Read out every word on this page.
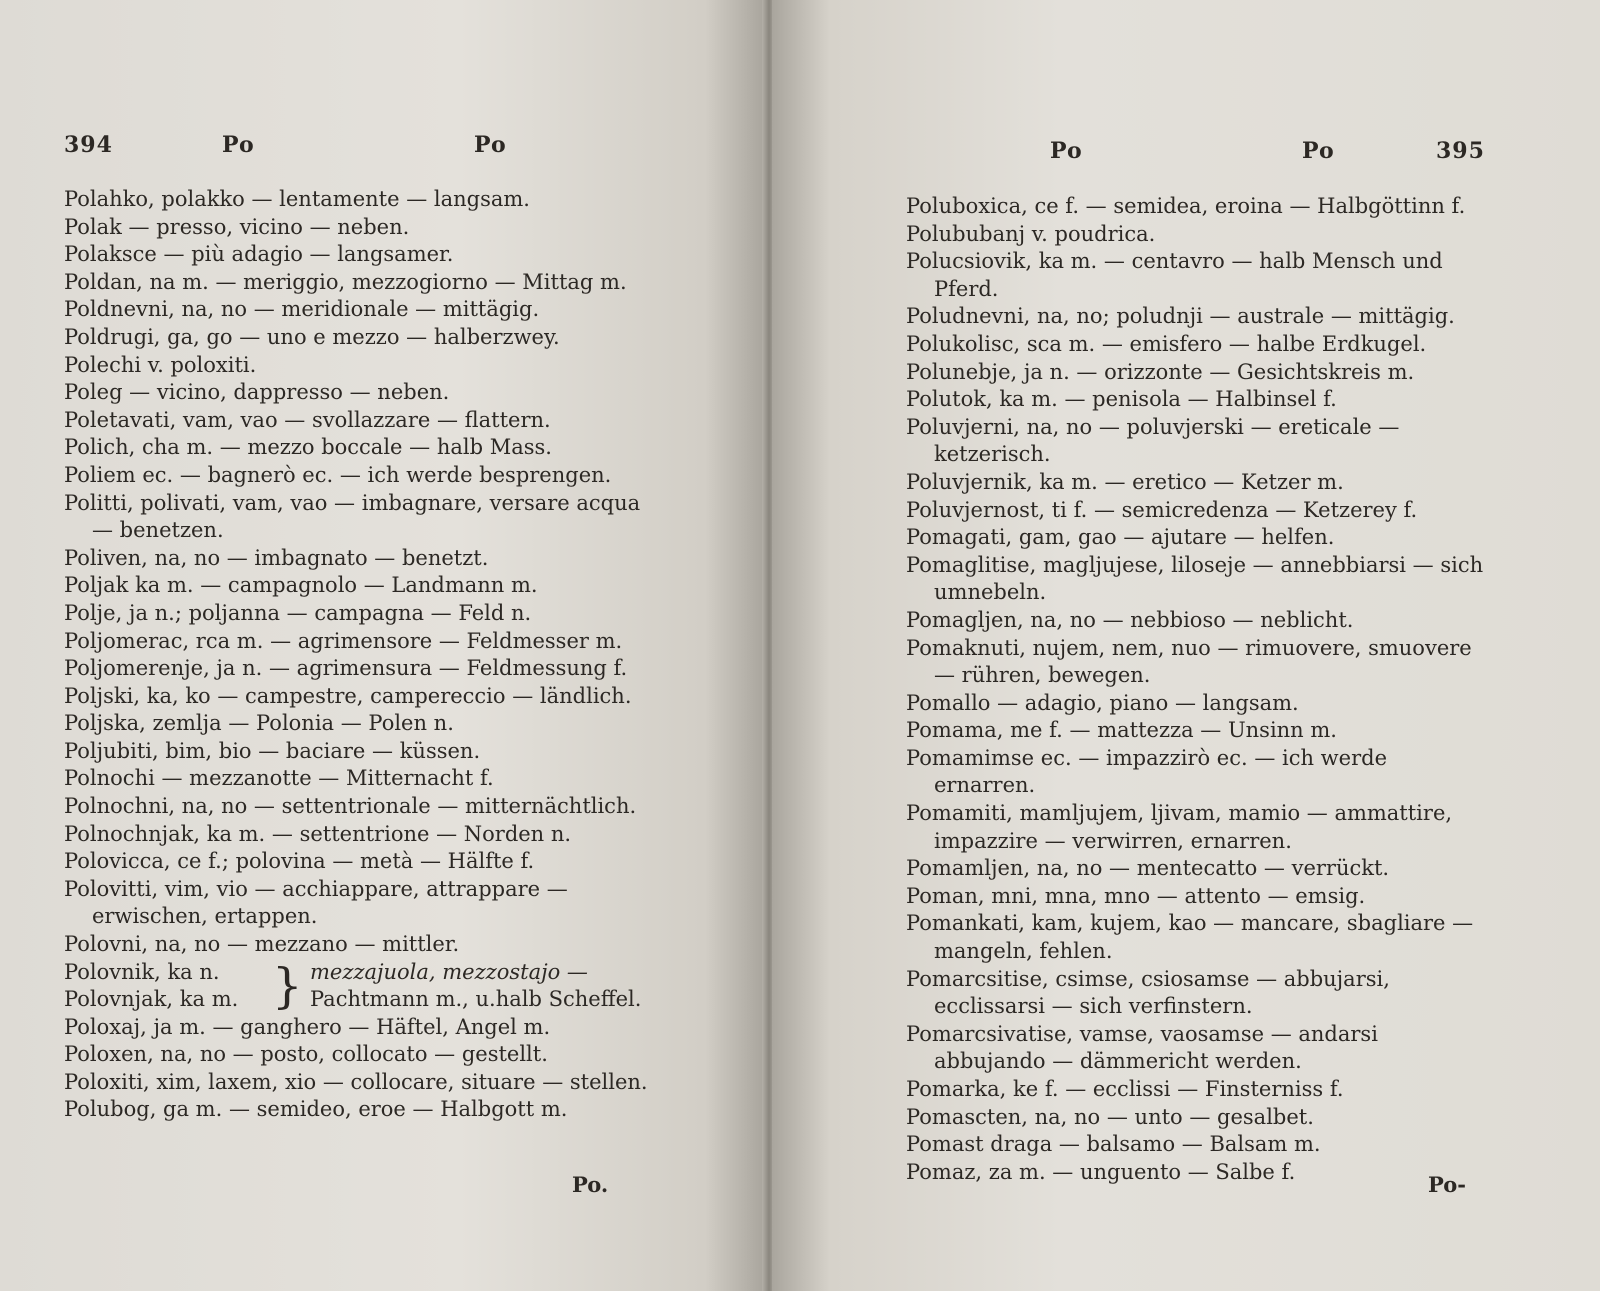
394	Po	Po
Polahko, polakko — lentamente — langsam.
Polak — presso, vicino — neben.
Polaksce — più adagio — langsamer.
Poldan, na m. — meriggio, mezzogiorno — Mittag m.
Poldnevni, na, no — meridionale — mittägig.
Poldrugi, ga, go — uno e mezzo — halberzwey.
Polechi v. poloxiti.
Poleg — vicino, dappresso — neben.
Poletavati, vam, vao — svollazzare — flattern.
Polich, cha m. — mezzo boccale — halb Mass.
Poliem ec. — bagnerò ec. — ich werde besprengen.
Politti, polivati, vam, vao — imbagnare, versare acqua — benetzen.
Poliven, na, no — imbagnato — benetzt.
Poljak ka m. — campagnolo — Landmann m.
Polje, ja n.; poljanna — campagna — Feld n.
Poljomerac, rca m. — agrimensore — Feldmesser m.
Poljomerenje, ja n. — agrimensura — Feldmessung f.
Poljski, ka, ko — campestre, campereccio — ländlich.
Poljska, zemlja — Polonia — Polen n.
Poljubiti, bim, bio — baciare — küssen.
Polnochi — mezzanotte — Mitternacht f.
Polnochni, na, no — settentrionale — mitternächtlich.
Polnochnjak, ka m. — settentrione — Norden n.
Polovicca, ce f.; polovina — metà — Hälfte f.
Polovitti, vim, vio — acchiappare, attrappare — erwischen, ertappen.
Polovni, na, no — mezzano — mittler.
Polovnik, ka n.
Polovnjak, ka m. } mezzajuola, mezzostajo —
Pachtmann m., u.halb Scheffel.
Poloxaj, ja m. — ganghero — Häftel, Angel m.
Poloxen, na, no — posto, collocato — gestellt.
Poloxiti, xim, laxem, xio — collocare, situare — stellen.
Polubog, ga m. — semideo, eroe — Halbgott m.
Po.
Po	Po	395
Poluboxica, ce f. — semidea, eroina — Halbgöttinn f.
Polububanj v. poudrica.
Polucsiovik, ka m. — centavro — halb Mensch und Pferd.
Poludnevni, na, no; poludnji — australe — mittägig.
Polukolisc, sca m. — emisfero — halbe Erdkugel.
Polunebje, ja n. — orizzonte — Gesichtskreis m.
Polutok, ka m. — penisola — Halbinsel f.
Poluvjerni, na, no — poluvjerski — ereticale — ketzerisch.
Poluvjernik, ka m. — eretico — Ketzer m.
Poluvjernost, ti f. — semicredenza — Ketzerey f.
Pomagati, gam, gao — ajutare — helfen.
Pomaglitise, magljujese, liloseje — annebbiarsi — sich umnebeln.
Pomagljen, na, no — nebbioso — neblicht.
Pomaknuti, nujem, nem, nuo — rimuovere, smuovere — rühren, bewegen.
Pomallo — adagio, piano — langsam.
Pomama, me f. — mattezza — Unsinn m.
Pomamimse ec. — impazzirò ec. — ich werde ernarren.
Pomamiti, mamljujem, ljivam, mamio — ammattire, impazzire — verwirren, ernarren.
Pomamljen, na, no — mentecatto — verrückt.
Poman, mni, mna, mno — attento — emsig.
Pomankati, kam, kujem, kao — mancare, sbagliare — mangeln, fehlen.
Pomarcsitise, csimse, csiosamse — abbujarsi, ecclissarsi — sich verfinstern.
Pomarcsivatise, vamse, vaosamse — andarsi abbujando — dämmericht werden.
Pomarka, ke f. — ecclissi — Finsterniss f.
Pomascten, na, no — unto — gesalbet.
Pomast draga — balsamo — Balsam m.
Pomaz, za m. — unguento — Salbe f.
Po-
